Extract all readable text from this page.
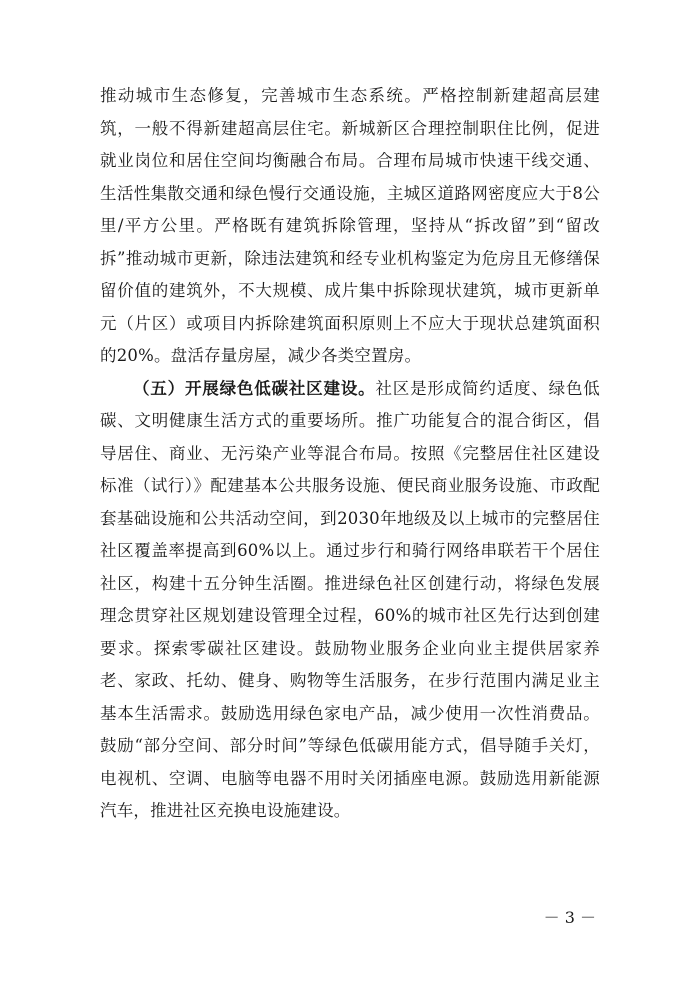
推动城市生态修复，完善城市生态系统。严格控制新建超高层建筑，一般不得新建超高层住宅。新城新区合理控制职住比例，促进就业岗位和居住空间均衡融合布局。合理布局城市快速干线交通、生活性集散交通和绿色慢行交通设施，主城区道路网密度应大于8公里/平方公里。严格既有建筑拆除管理，坚持从“拆改留”到“留改拆”推动城市更新，除违法建筑和经专业机构鉴定为危房且无修缮保留价值的建筑外，不大规模、成片集中拆除现状建筑，城市更新单元（片区）或项目内拆除建筑面积原则上不应大于现状总建筑面积的20%。盘活存量房屋，减少各类空置房。

（五）开展绿色低碳社区建设。社区是形成简约适度、绿色低碳、文明健康生活方式的重要场所。推广功能复合的混合街区，倡导居住、商业、无污染产业等混合布局。按照《完整居住社区建设标准（试行）》配建基本公共服务设施、便民商业服务设施、市政配套基础设施和公共活动空间，到2030年地级及以上城市的完整居住社区覆盖率提高到60%以上。通过步行和骑行网络串联若干个居住社区，构建十五分钟生活圈。推进绿色社区创建行动，将绿色发展理念贯穿社区规划建设管理全过程，60%的城市社区先行达到创建要求。探索零碳社区建设。鼓励物业服务企业向业主提供居家养老、家政、托幼、健身、购物等生活服务，在步行范围内满足业主基本生活需求。鼓励选用绿色家电产品，减少使用一次性消费品。鼓励“部分空间、部分时间”等绿色低碳用能方式，倡导随手关灯，电视机、空调、电脑等电器不用时关闭插座电源。鼓励选用新能源汽车，推进社区充换电设施建设。

－ 3 －
